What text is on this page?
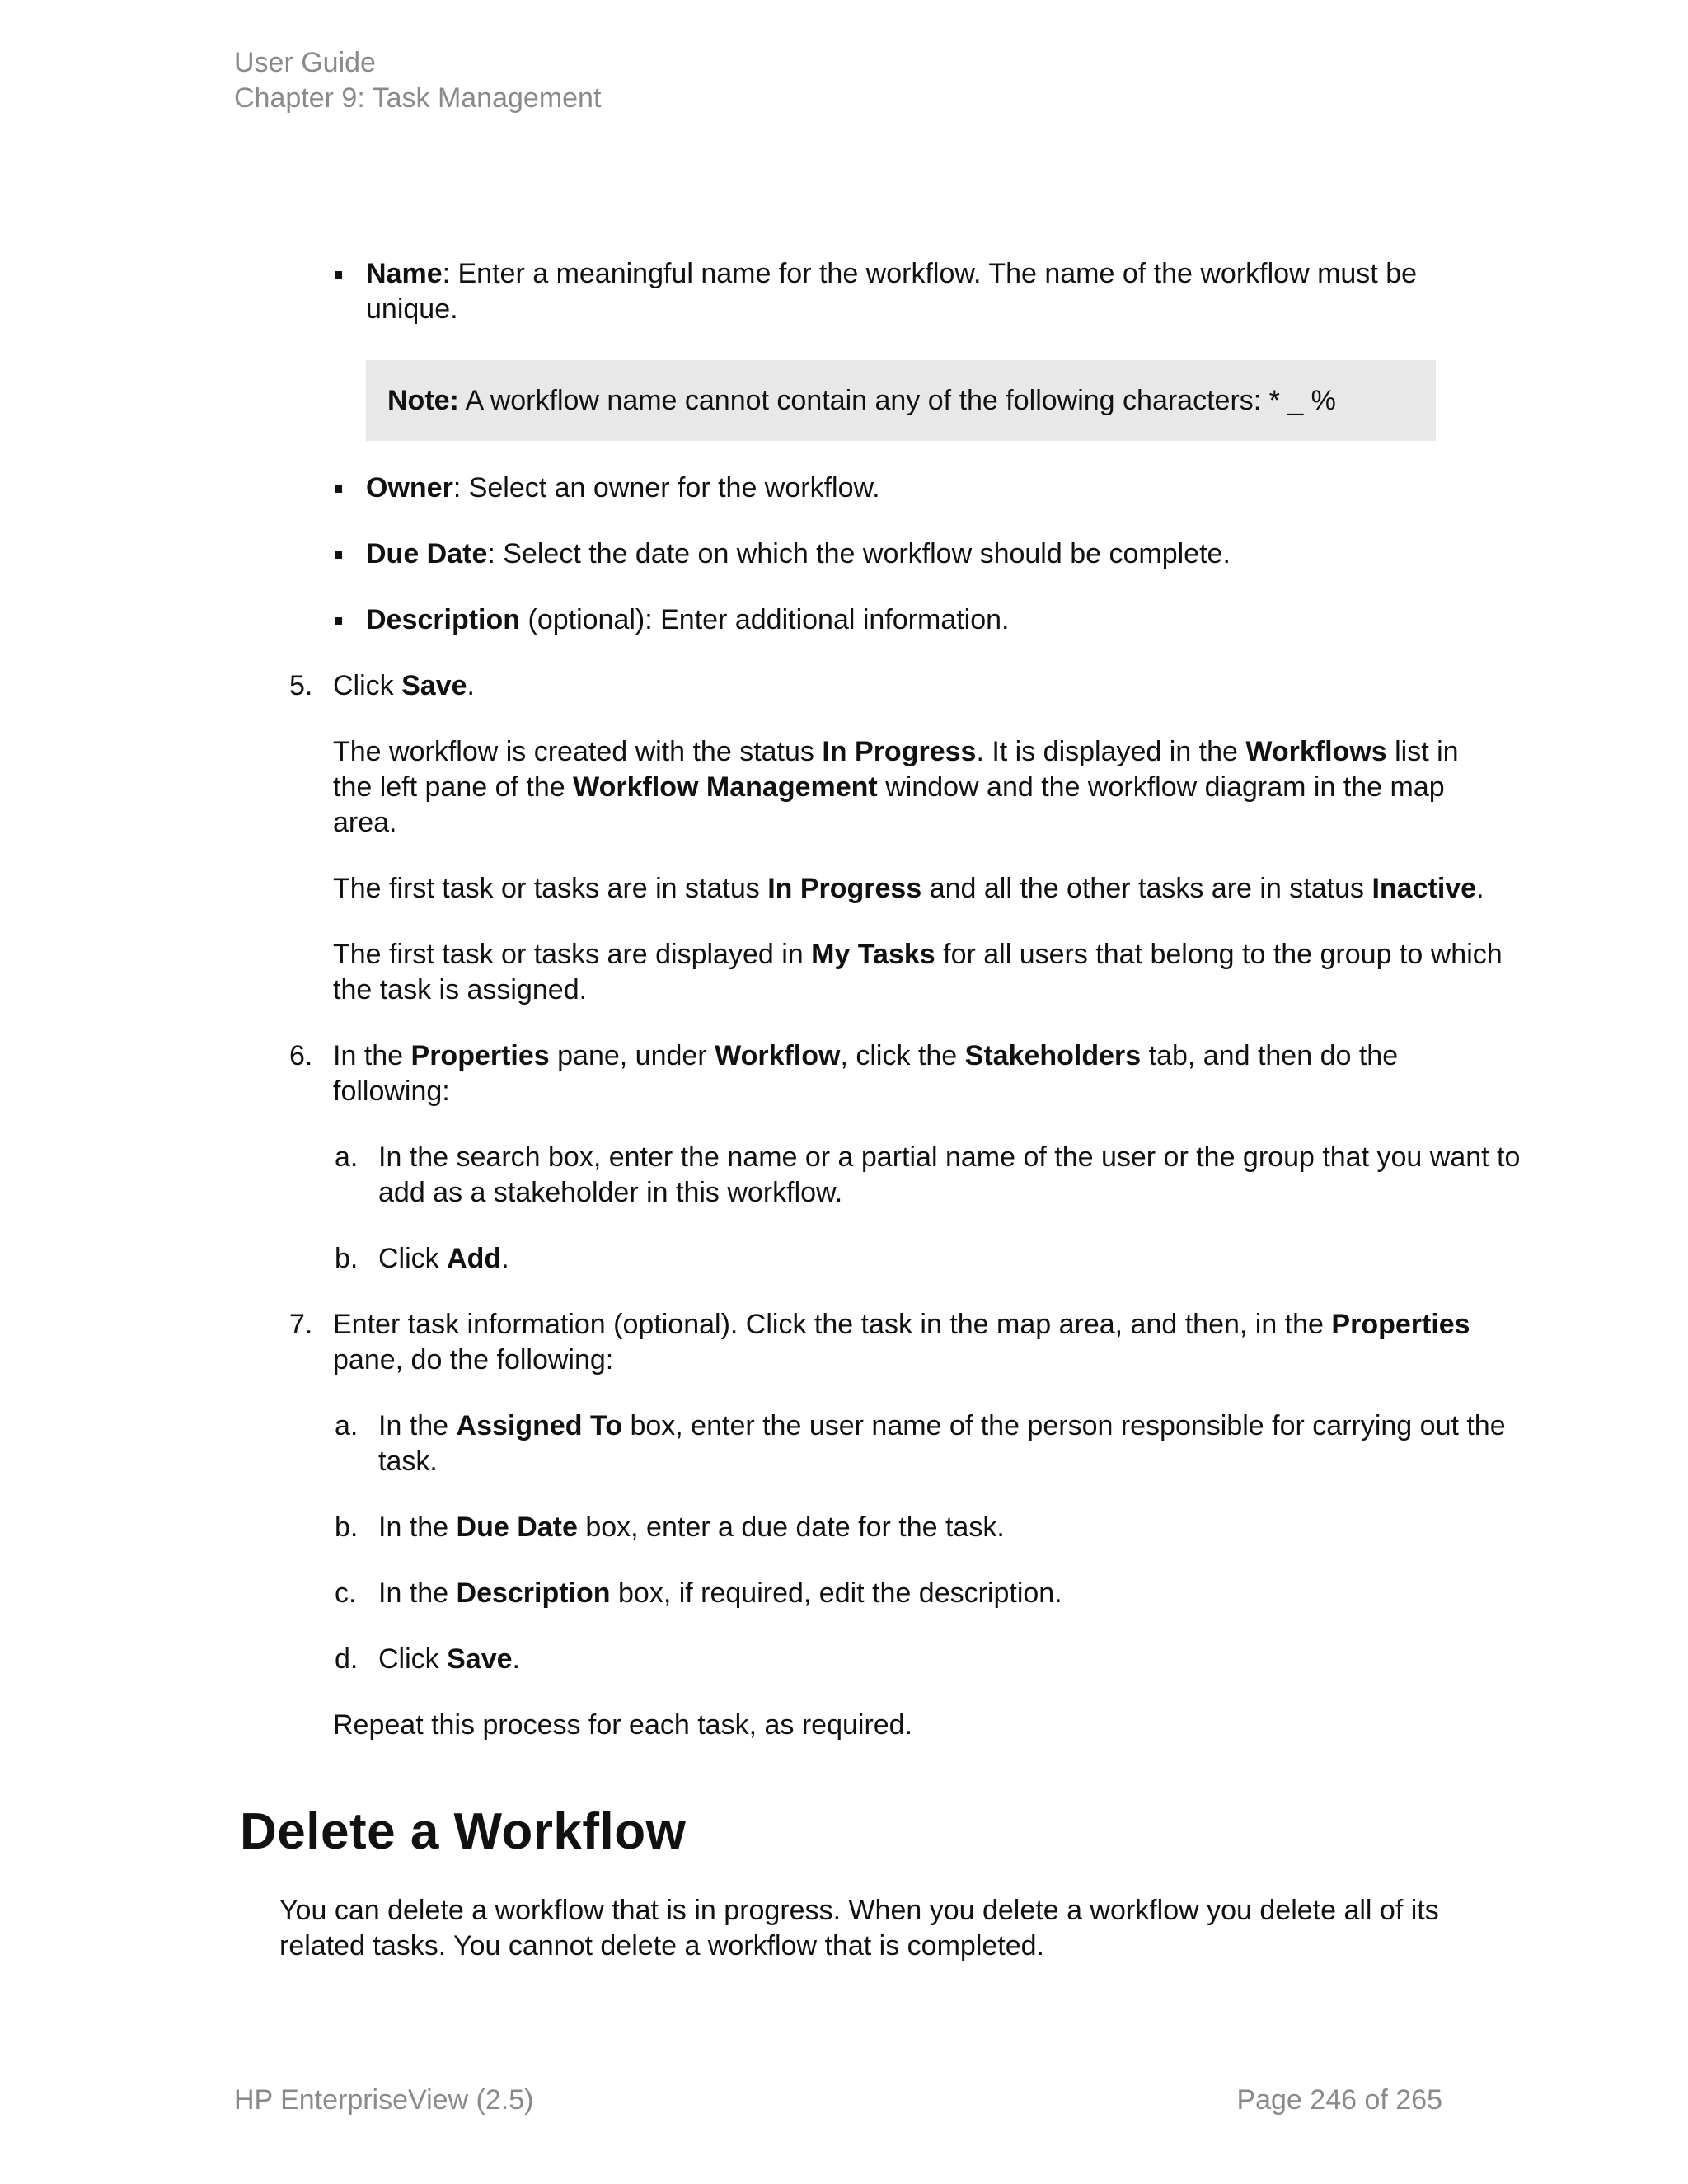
User Guide
Chapter 9: Task Management
Name: Enter a meaningful name for the workflow. The name of the workflow must be
unique.
Note: A workflow name cannot contain any of the following characters: * _ %
Owner: Select an owner for the workflow.
Due Date: Select the date on which the workflow should be complete.
Description (optional): Enter additional information.
5. Click Save.
The workflow is created with the status In Progress. It is displayed in the Workflows list in
the left pane of the Workflow Management window and the workflow diagram in the map
area.
The first task or tasks are in status In Progress and all the other tasks are in status Inactive.
The first task or tasks are displayed in My Tasks for all users that belong to the group to which
the task is assigned.
6. In the Properties pane, under Workflow, click the Stakeholders tab, and then do the
following:
a. In the search box, enter the name or a partial name of the user or the group that you want to
add as a stakeholder in this workflow.
b. Click Add.
7. Enter task information (optional). Click the task in the map area, and then, in the Properties
pane, do the following:
a. In the Assigned To box, enter the user name of the person responsible for carrying out the
task.
b. In the Due Date box, enter a due date for the task.
c. In the Description box, if required, edit the description.
d. Click Save.
Repeat this process for each task, as required.
Delete a Workflow
You can delete a workflow that is in progress. When you delete a workflow you delete all of its
related tasks. You cannot delete a workflow that is completed.
HP EnterpriseView (2.5)	Page 246 of 265
